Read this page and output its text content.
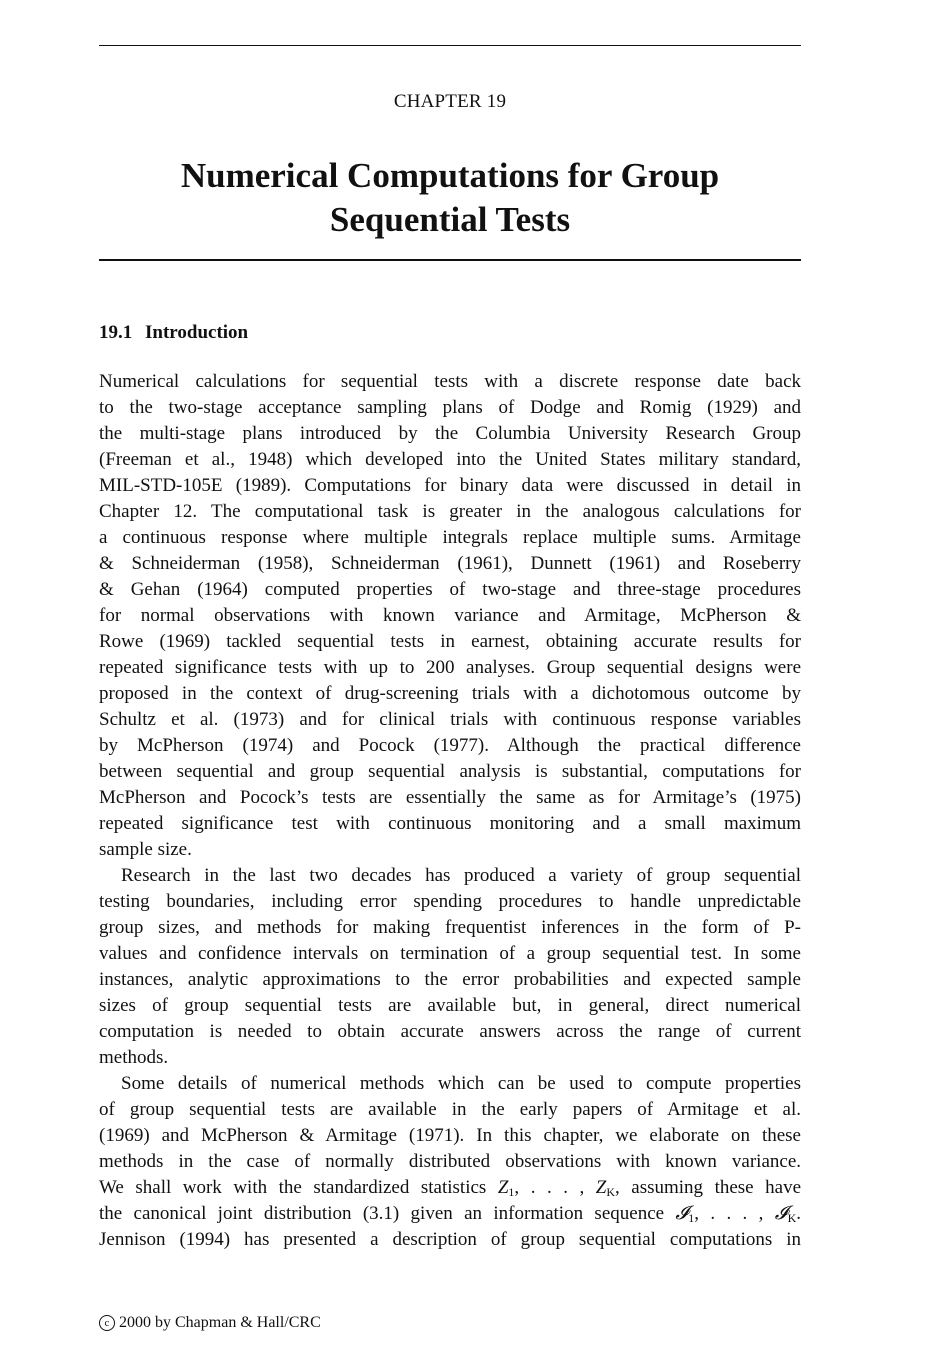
CHAPTER 19
Numerical Computations for Group
Sequential Tests
19.1 Introduction
Numerical calculations for sequential tests with a discrete response date back
to the two-stage acceptance sampling plans of Dodge and Romig (1929) and
the multi-stage plans introduced by the Columbia University Research Group
(Freeman et al., 1948) which developed into the United States military standard,
MIL-STD-105E (1989). Computations for binary data were discussed in detail in
Chapter 12. The computational task is greater in the analogous calculations for
a continuous response where multiple integrals replace multiple sums. Armitage
& Schneiderman (1958), Schneiderman (1961), Dunnett (1961) and Roseberry
& Gehan (1964) computed properties of two-stage and three-stage procedures
for normal observations with known variance and Armitage, McPherson &
Rowe (1969) tackled sequential tests in earnest, obtaining accurate results for
repeated significance tests with up to 200 analyses. Group sequential designs were
proposed in the context of drug-screening trials with a dichotomous outcome by
Schultz et al. (1973) and for clinical trials with continuous response variables
by McPherson (1974) and Pocock (1977). Although the practical difference
between sequential and group sequential analysis is substantial, computations for
McPherson and Pocock’s tests are essentially the same as for Armitage’s (1975)
repeated significance test with continuous monitoring and a small maximum
sample size.
Research in the last two decades has produced a variety of group sequential
testing boundaries, including error spending procedures to handle unpredictable
group sizes, and methods for making frequentist inferences in the form of P-
values and confidence intervals on termination of a group sequential test. In some
instances, analytic approximations to the error probabilities and expected sample
sizes of group sequential tests are available but, in general, direct numerical
computation is needed to obtain accurate answers across the range of current
methods.
Some details of numerical methods which can be used to compute properties
of group sequential tests are available in the early papers of Armitage et al.
(1969) and McPherson & Armitage (1971). In this chapter, we elaborate on these
methods in the case of normally distributed observations with known variance.
We shall work with the standardized statistics $Z_1$, . . . , $Z_K$, assuming these have
the canonical joint distribution (3.1) given an information sequence 𝓘$_1$, . . . , 𝓘$_K$.
Jennison (1994) has presented a description of group sequential computations in
c 2000 by Chapman & Hall/CRC
